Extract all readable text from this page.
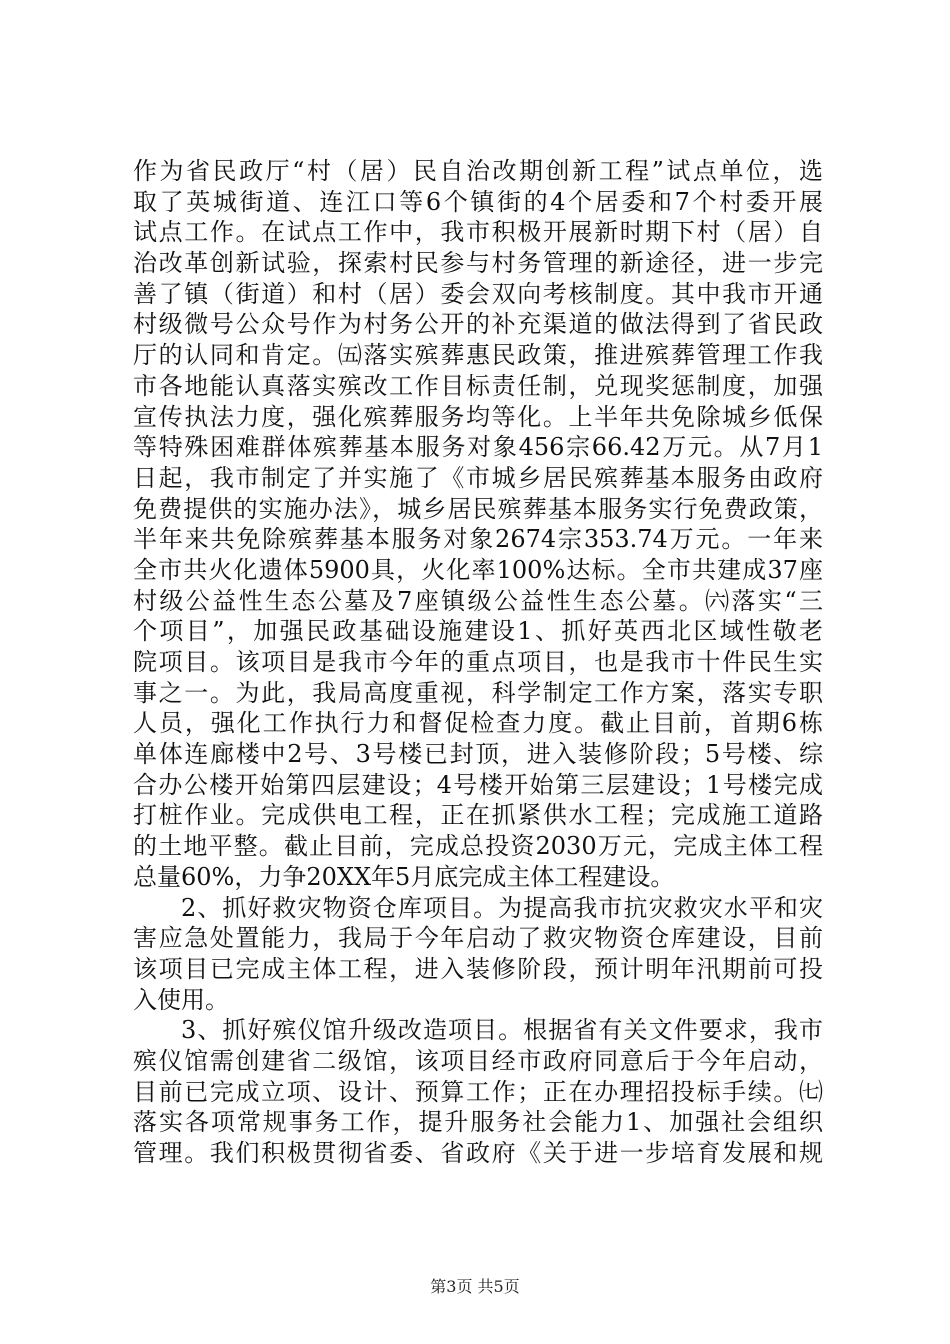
作为省民政厅“村（居）民自治改期创新工程”试点单位，选
取了英城街道、连江口等6个镇街的4个居委和7个村委开展
试点工作。在试点工作中，我市积极开展新时期下村（居）自
治改革创新试验，探索村民参与村务管理的新途径，进一步完
善了镇（街道）和村（居）委会双向考核制度。其中我市开通
村级微号公众号作为村务公开的补充渠道的做法得到了省民政
厅的认同和肯定。㈤落实殡葬惠民政策，推进殡葬管理工作我
市各地能认真落实殡改工作目标责任制，兑现奖惩制度，加强
宣传执法力度，强化殡葬服务均等化。上半年共免除城乡低保
等特殊困难群体殡葬基本服务对象456宗66.42万元。从7月1
日起，我市制定了并实施了《市城乡居民殡葬基本服务由政府
免费提供的实施办法》，城乡居民殡葬基本服务实行免费政策，
半年来共免除殡葬基本服务对象2674宗353.74万元。一年来
全市共火化遗体5900具，火化率100%达标。全市共建成37座
村级公益性生态公墓及7座镇级公益性生态公墓。㈥落实“三
个项目”，加强民政基础设施建设1、抓好英西北区域性敬老
院项目。该项目是我市今年的重点项目，也是我市十件民生实
事之一。为此，我局高度重视，科学制定工作方案，落实专职
人员，强化工作执行力和督促检查力度。截止目前，首期6栋
单体连廊楼中2号、3号楼已封顶，进入装修阶段；5号楼、综
合办公楼开始第四层建设；4号楼开始第三层建设；1号楼完成
打桩作业。完成供电工程，正在抓紧供水工程；完成施工道路
的土地平整。截止目前，完成总投资2030万元，完成主体工程
总量60%，力争20XX年5月底完成主体工程建设。
2、抓好救灾物资仓库项目。为提高我市抗灾救灾水平和灾
害应急处置能力，我局于今年启动了救灾物资仓库建设，目前
该项目已完成主体工程，进入装修阶段，预计明年汛期前可投
入使用。
3、抓好殡仪馆升级改造项目。根据省有关文件要求，我市
殡仪馆需创建省二级馆，该项目经市政府同意后于今年启动，
目前已完成立项、设计、预算工作；正在办理招投标手续。㈦
落实各项常规事务工作，提升服务社会能力1、加强社会组织
管理。我们积极贯彻省委、省政府《关于进一步培育发展和规
第3页 共5页
